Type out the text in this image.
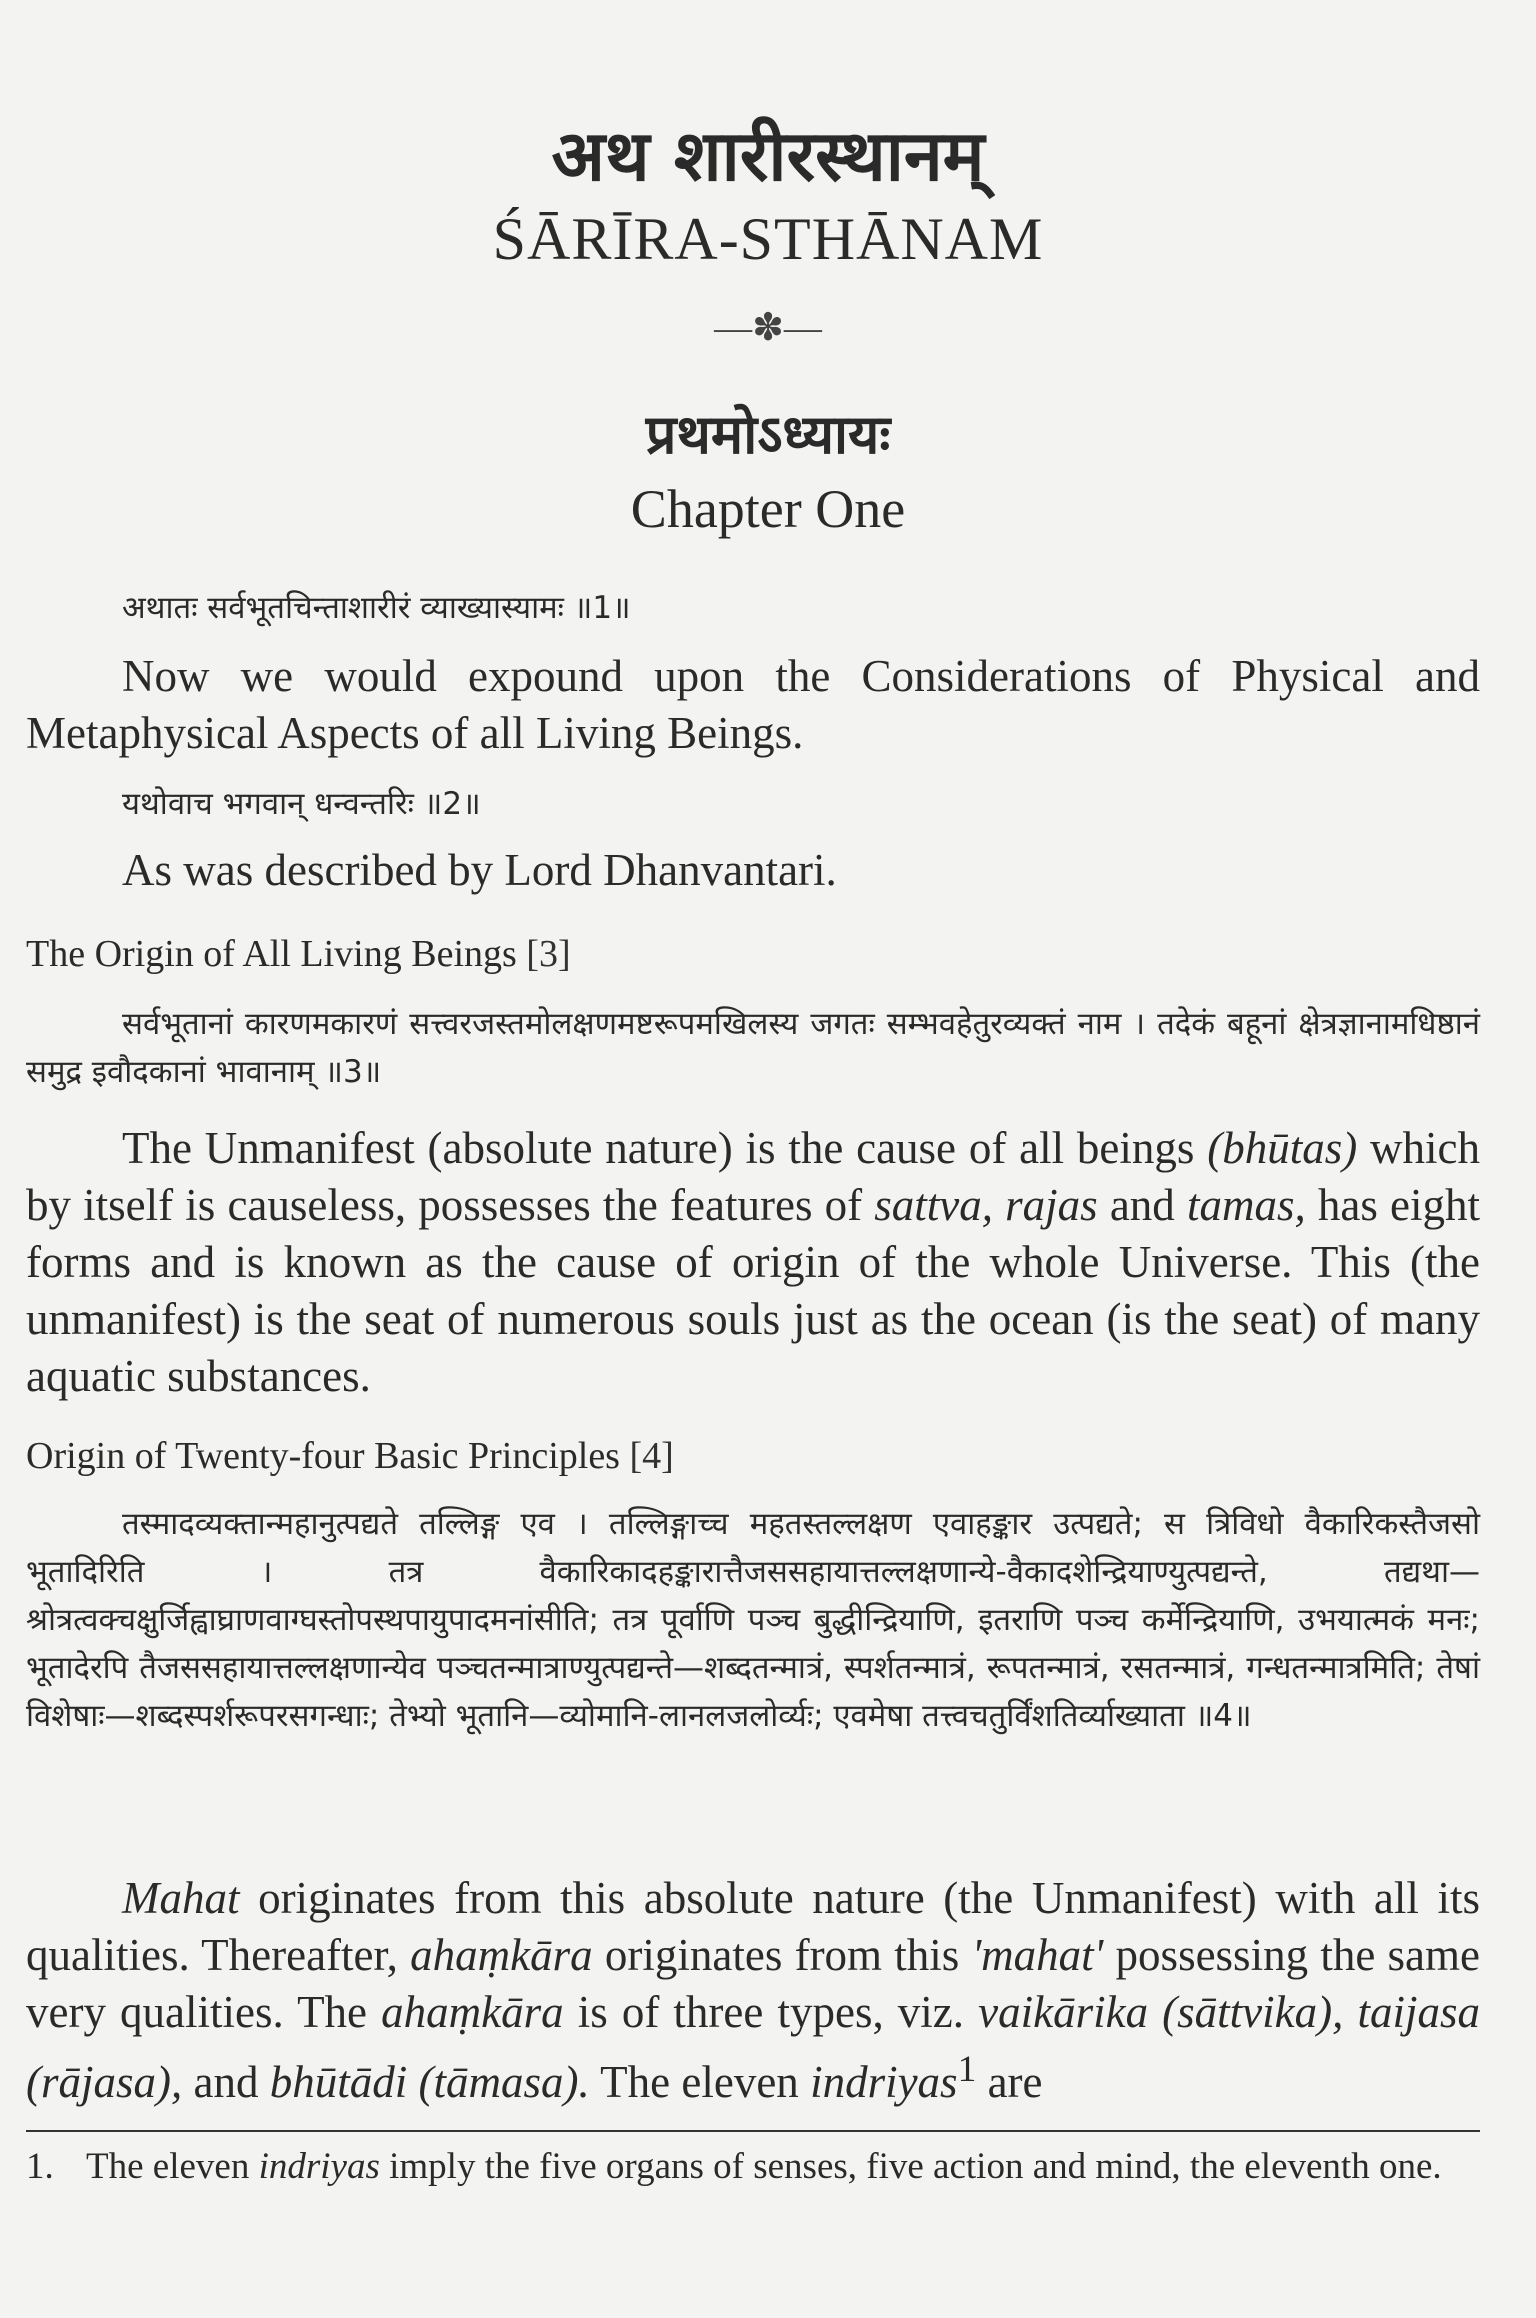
अथ शारीरस्थानम्
ŚĀRĪRA-STHĀNAM
—✽—
प्रथमोऽध्यायः
Chapter One

अथातः सर्वभूतचिन्ताशारीरं व्याख्यास्यामः ॥1॥

Now we would expound upon the Considerations of Physical and Metaphysical Aspects of all Living Beings.

यथोवाच भगवान् धन्वन्तरिः ॥2॥

As was described by Lord Dhanvantari.

The Origin of All Living Beings [3]

सर्वभूतानां कारणमकारणं सत्त्वरजस्तमोलक्षणमष्टरूपमखिलस्य जगतः सम्भवहेतुरव्यक्तं नाम । तदेकं बहूनां क्षेत्रज्ञानामधिष्ठानं समुद्र इवौदकानां भावानाम् ॥3॥

The Unmanifest (absolute nature) is the cause of all beings (bhūtas) which by itself is causeless, possesses the features of sattva, rajas and tamas, has eight forms and is known as the cause of origin of the whole Universe. This (the unmanifest) is the seat of numerous souls just as the ocean (is the seat) of many aquatic substances.

Origin of Twenty-four Basic Principles [4]

तस्मादव्यक्तान्महानुत्पद्यते तल्लिङ्ग एव । तल्लिङ्गाच्च महतस्तल्लक्षण एवाहङ्कार उत्पद्यते; स त्रिविधो वैकारिकस्तैजसो भूतादिरिति । तत्र वैकारिकादहङ्कारात्तैजससहायात्तल्लक्षणान्ये-वैकादशेन्द्रियाण्युत्पद्यन्ते, तद्यथा—श्रोत्रत्वक्चक्षुर्जिह्वाघ्राणवाग्घस्तोपस्थपायुपादमनांसीति; तत्र पूर्वाणि पञ्च बुद्धीन्द्रियाणि, इतराणि पञ्च कर्मेन्द्रियाणि, उभयात्मकं मनः; भूतादेरपि तैजससहायात्तल्लक्षणान्येव पञ्चतन्मात्राण्युत्पद्यन्ते—शब्दतन्मात्रं, स्पर्शतन्मात्रं, रूपतन्मात्रं, रसतन्मात्रं, गन्धतन्मात्रमिति; तेषां विशेषाः—शब्दस्पर्शरूपरसगन्धाः; तेभ्यो भूतानि—व्योमानि-लानलजलोर्व्यः; एवमेषा तत्त्वचतुर्विंशतिर्व्याख्याता ॥4॥

Mahat originates from this absolute nature (the Unmanifest) with all its qualities. Thereafter, ahaṃkāra originates from this 'mahat' possessing the same very qualities. The ahaṃkāra is of three types, viz. vaikārika (sāttvika), taijasa (rājasa), and bhūtādi (tāmasa). The eleven indriyas$^1$ are

1. The eleven indriyas imply the five organs of senses, five action and mind, the eleventh one.
